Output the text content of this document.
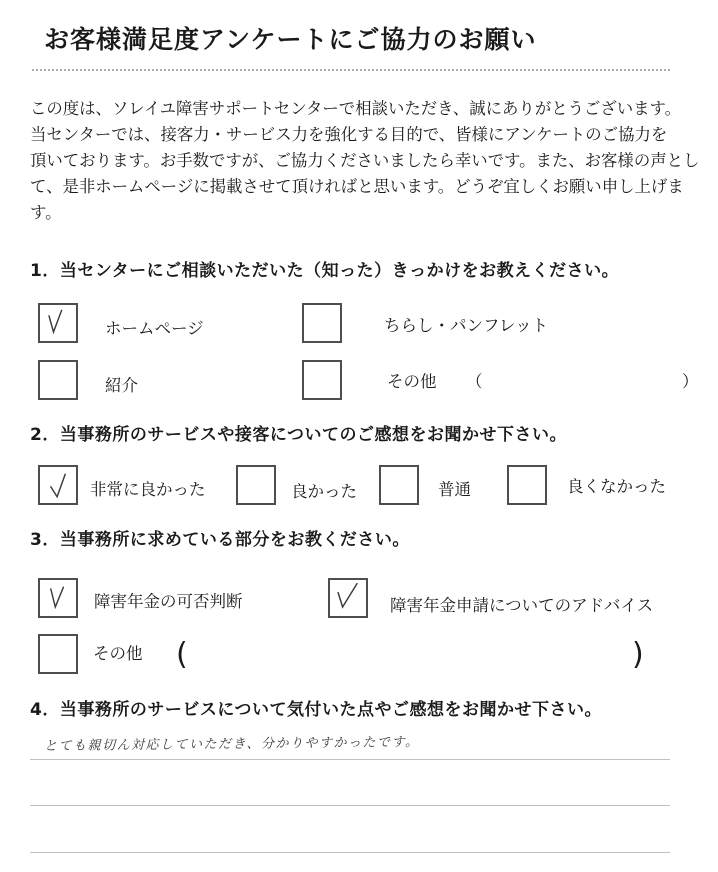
お客様満足度アンケートにご協力のお願い
この度は、ソレイユ障害サポートセンターで相談いただき、誠にありがとうございます。
当センターでは、接客力・サービス力を強化する目的で、皆様にアンケートのご協力を
頂いております。お手数ですが、ご協力くださいましたら幸いです。また、お客様の声とし
て、是非ホームページに掲載させて頂ければと思います。どうぞ宜しくお願い申し上げま
す。
1．当センターにご相談いただいた（知った）きっかけをお教えください。
ホームページ	ちらし・パンフレット
紹介	その他 （	）
2．当事務所のサービスや接客についてのご感想をお聞かせ下さい。
非常に良かった	良かった	普通	良くなかった
3．当事務所に求めている部分をお教ください。
障害年金の可否判断	障害年金申請についてのアドバイス
その他 (	)
4．当事務所のサービスについて気付いた点やご感想をお聞かせ下さい。
とても親切ん対応していただき、分かりやすかったです。
